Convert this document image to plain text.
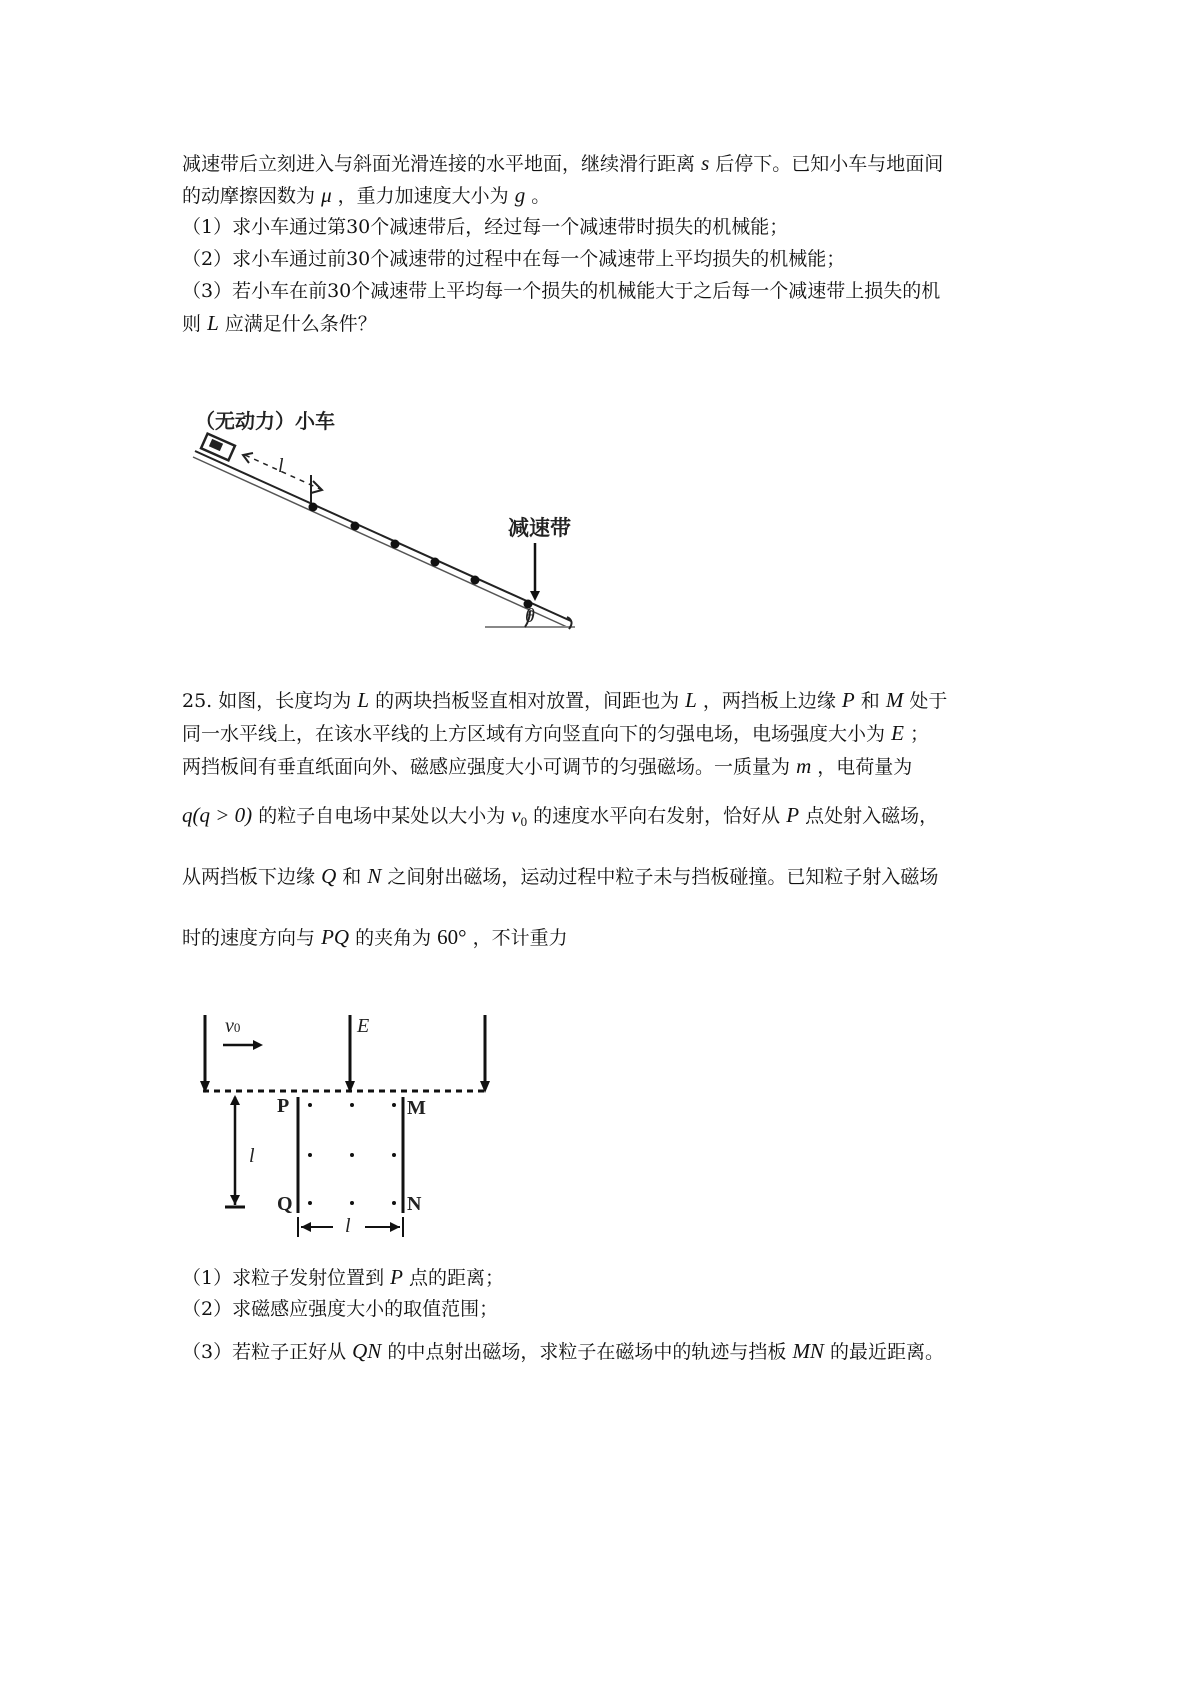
减速带后立刻进入与斜面光滑连接的水平地面，继续滑行距离 s 后停下。已知小车与地面间
的动摩擦因数为 μ ，重力加速度大小为 g 。
（1）求小车通过第30个减速带后，经过每一个减速带时损失的机械能；
（2）求小车通过前30个减速带的过程中在每一个减速带上平均损失的机械能；
（3）若小车在前30个减速带上平均每一个损失的机械能大于之后每一个减速带上损失的机
则 L 应满足什么条件？
（无动力）小车
减速带
l
θ
25. 如图，长度均为 L 的两块挡板竖直相对放置，间距也为 L ，两挡板上边缘 P 和 M 处于
同一水平线上，在该水平线的上方区域有方向竖直向下的匀强电场，电场强度大小为 E ；
两挡板间有垂直纸面向外、磁感应强度大小可调节的匀强磁场。一质量为 m ，电荷量为
q(q > 0) 的粒子自电场中某处以大小为 $v_0$ 的速度水平向右发射，恰好从 P 点处射入磁场，
从两挡板下边缘 Q 和 N 之间射出磁场，运动过程中粒子未与挡板碰撞。已知粒子射入磁场
时的速度方向与 PQ 的夹角为 60° ，不计重力
v0	E
P	M
Q	N
l
l
（1）求粒子发射位置到 P 点的距离；
（2）求磁感应强度大小的取值范围；
（3）若粒子正好从 QN 的中点射出磁场，求粒子在磁场中的轨迹与挡板 MN 的最近距离。
